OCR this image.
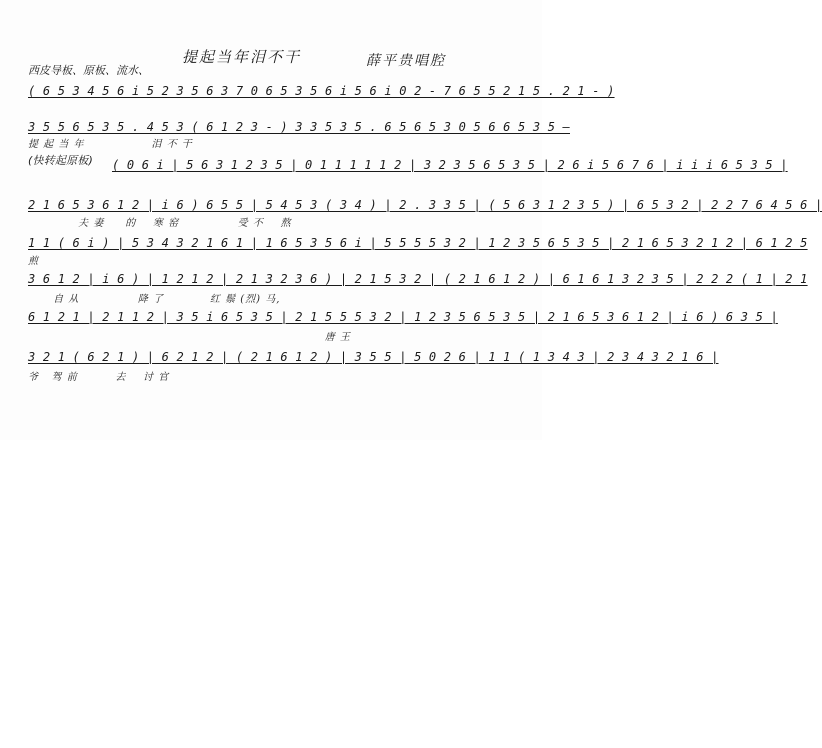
提起当年泪不干	薛平贵唱腔
西皮导板、原板、流水、
( 6 5 3 4 5 6 i 5 2 3 5 6 3 7 0 6 5 3 5 6 i 5 6 i 0 2 - 7 6 5 5 2 1 5 . 2 1 - )
3 5 5 6 5 3 5 . 4 5 3 ( 6 1 2 3 - ) 3 3 5 3 5 . 6 5 6 5 3 0 5 6 6 5 3 5 —
提 起 当 年                泪 不 干
(快转起原板)	( 0 6 i | 5 6 3 1 2 3 5 | 0 1 1 1 1 1 2 | 3 2 3 5 6 5 3 5 | 2 6 i 5 6 7 6 | i i i 6 5 3 5 |
2 1 6 5 3 6 1 2 | i 6 ) 6 5 5 | 5 4 5 3 ( 3 4 ) | 2 . 3 3 5 | ( 5 6 3 1 2 3 5 ) | 6 5 3 2 | 2 2 7 6 4 5 6 |
夫 妻     的    寒 窑              受 不    熬
1 1 ( 6 i ) | 5 3 4 3 2 1 6 1 | 1 6 5 3 5 6 i | 5 5 5 5 3 2 | 1 2 3 5 6 5 3 5 | 2 1 6 5 3 2 1 2 | 6 1 2 5
煎
3 6 1 2 | i 6 ) | 1 2 1 2 | 2 1 3 2 3 6 ) | 2 1 5 3 2 | ( 2 1 6 1 2 ) | 6 1 6 1 3 2 3 5 | 2 2 2 ( 1 | 2 1
自 从              降 了           红 鬃 (烈) 马,
6 1 2 1 | 2 1 1 2 | 3 5 i 6 5 3 5 | 2 1 5 5 5 3 2 | 1 2 3 5 6 5 3 5 | 2 1 6 5 3 6 1 2 | i 6 ) 6 3 5 |
唐 王
3 2 1 ( 6 2 1 ) | 6 2 1 2 | ( 2 1 6 1 2 ) | 3 5 5 | 5 0 2 6 | 1 1 ( 1 3 4 3 | 2 3 4 3 2 1 6 |
爷   驾 前         去    讨 官
